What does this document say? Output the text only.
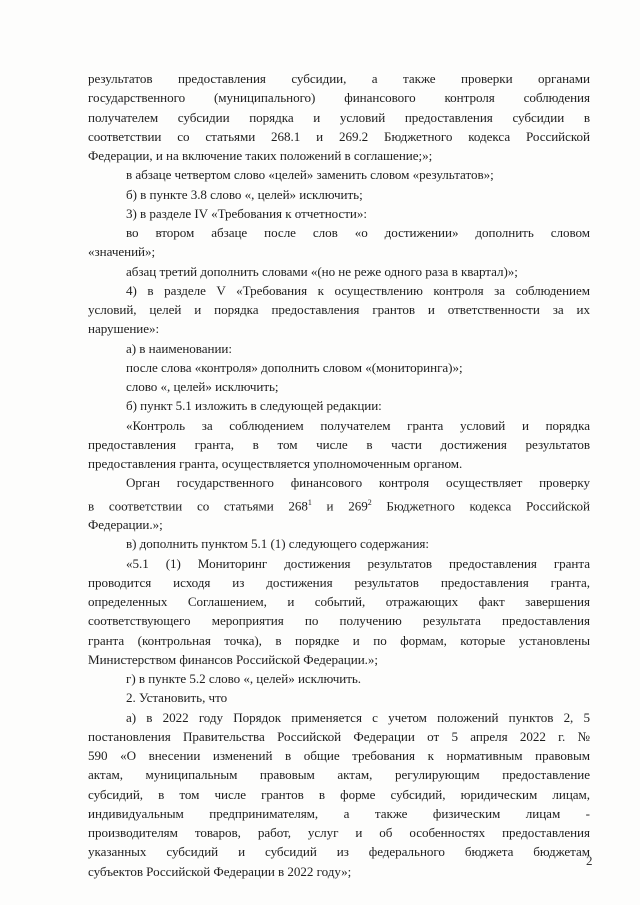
результатов предоставления субсидии, а также проверки органами

государственного (муниципального) финансового контроля соблюдения

получателем субсидии порядка и условий предоставления субсидии в

соответствии со статьями 268.1 и 269.2 Бюджетного кодекса Российской

Федерации, и на включение таких положений в соглашение;»;

в абзаце четвертом слово «целей» заменить словом «результатов»;

б) в пункте 3.8 слово «, целей» исключить;

3) в разделе IV «Требования к отчетности»:

во втором абзаце после слов «о достижении» дополнить словом

«значений»;

абзац третий дополнить словами «(но не реже одного раза в квартал)»;

4) в разделе V «Требования к осуществлению контроля за соблюдением

условий, целей и порядка предоставления грантов и ответственности за их

нарушение»:

а) в наименовании:

после слова «контроля» дополнить словом «(мониторинга)»;

слово «, целей» исключить;

б) пункт 5.1 изложить в следующей редакции:

«Контроль за соблюдением получателем гранта условий и порядка

предоставления гранта, в том числе в части достижения результатов

предоставления гранта, осуществляется уполномоченным органом.

Орган государственного финансового контроля осуществляет проверку

в соответствии со статьями $268^1$ и $269^2$ Бюджетного кодекса Российской

Федерации.»;

в) дополнить пунктом 5.1 (1) следующего содержания:

«5.1 (1) Мониторинг достижения результатов предоставления гранта

проводится исходя из достижения результатов предоставления гранта,

определенных Соглашением, и событий, отражающих факт завершения

соответствующего мероприятия по получению результата предоставления

гранта (контрольная точка), в порядке и по формам, которые установлены

Министерством финансов Российской Федерации.»;

г) в пункте 5.2 слово «, целей» исключить.

2. Установить, что

а) в 2022 году Порядок применяется с учетом положений пунктов 2, 5

постановления Правительства Российской Федерации от 5 апреля 2022 г. №

590 «О внесении изменений в общие требования к нормативным правовым

актам, муниципальным правовым актам, регулирующим предоставление

субсидий, в том числе грантов в форме субсидий, юридическим лицам,

индивидуальным предпринимателям, а также физическим лицам -

производителям товаров, работ, услуг и об особенностях предоставления

указанных субсидий и субсидий из федерального бюджета бюджетам

субъектов Российской Федерации в 2022 году»;

2
